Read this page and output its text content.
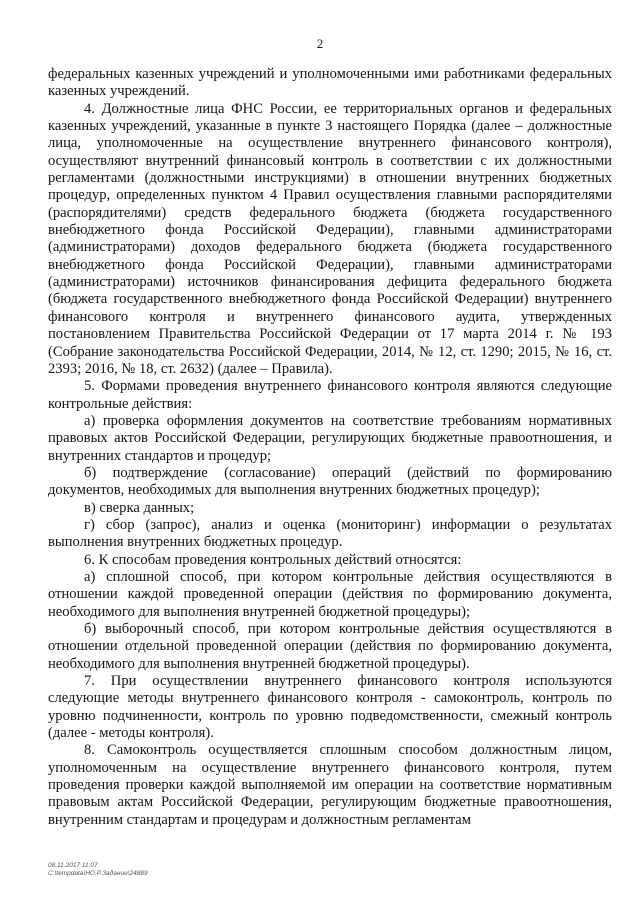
2

федеральных казенных учреждений и уполномоченными ими работниками федеральных казенных учреждений.

4. Должностные лица ФНС России, ее территориальных органов и федеральных казенных учреждений, указанные в пункте 3 настоящего Порядка (далее – должностные лица, уполномоченные на осуществление внутреннего финансового контроля), осуществляют внутренний финансовый контроль в соответствии с их должностными регламентами (должностными инструкциями) в отношении внутренних бюджетных процедур, определенных пунктом 4 Правил осуществления главными распорядителями (распорядителями) средств федерального бюджета (бюджета государственного внебюджетного фонда Российской Федерации), главными администраторами (администраторами) доходов федерального бюджета (бюджета государственного внебюджетного фонда Российской Федерации), главными администраторами (администраторами) источников финансирования дефицита федерального бюджета (бюджета государственного внебюджетного фонда Российской Федерации) внутреннего финансового контроля и внутреннего финансового аудита, утвержденных постановлением Правительства Российской Федерации от 17 марта 2014 г. № 193 (Собрание законодательства Российской Федерации, 2014, № 12, ст. 1290; 2015, № 16, ст. 2393; 2016, № 18, ст. 2632) (далее – Правила).

5. Формами проведения внутреннего финансового контроля являются следующие контрольные действия:

а) проверка оформления документов на соответствие требованиям нормативных правовых актов Российской Федерации, регулирующих бюджетные правоотношения, и внутренних стандартов и процедур;

б) подтверждение (согласование) операций (действий по формированию документов, необходимых для выполнения внутренних бюджетных процедур);

в) сверка данных;

г) сбор (запрос), анализ и оценка (мониторинг) информации о результатах выполнения внутренних бюджетных процедур.

6. К способам проведения контрольных действий относятся:

а) сплошной способ, при котором контрольные действия осуществляются в отношении каждой проведенной операции (действия по формированию документа, необходимого для выполнения внутренней бюджетной процедуры);

б) выборочный способ, при котором контрольные действия осуществляются в отношении отдельной проведенной операции (действия по формированию документа, необходимого для выполнения внутренней бюджетной процедуры).

7. При осуществлении внутреннего финансового контроля используются следующие методы внутреннего финансового контроля - самоконтроль, контроль по уровню подчиненности, контроль по уровню подведомственности, смежный контроль (далее - методы контроля).

8. Самоконтроль осуществляется сплошным способом должностным лицом, уполномоченным на осуществление внутреннего финансового контроля, путем проведения проверки каждой выполняемой им операции на соответствие нормативным правовым актам Российской Федерации, регулирующим бюджетные правоотношения, внутренним стандартам и процедурам и должностным регламентам

08.11.2017 11:07
C:\tempdata\НО.P.Задание\24889
